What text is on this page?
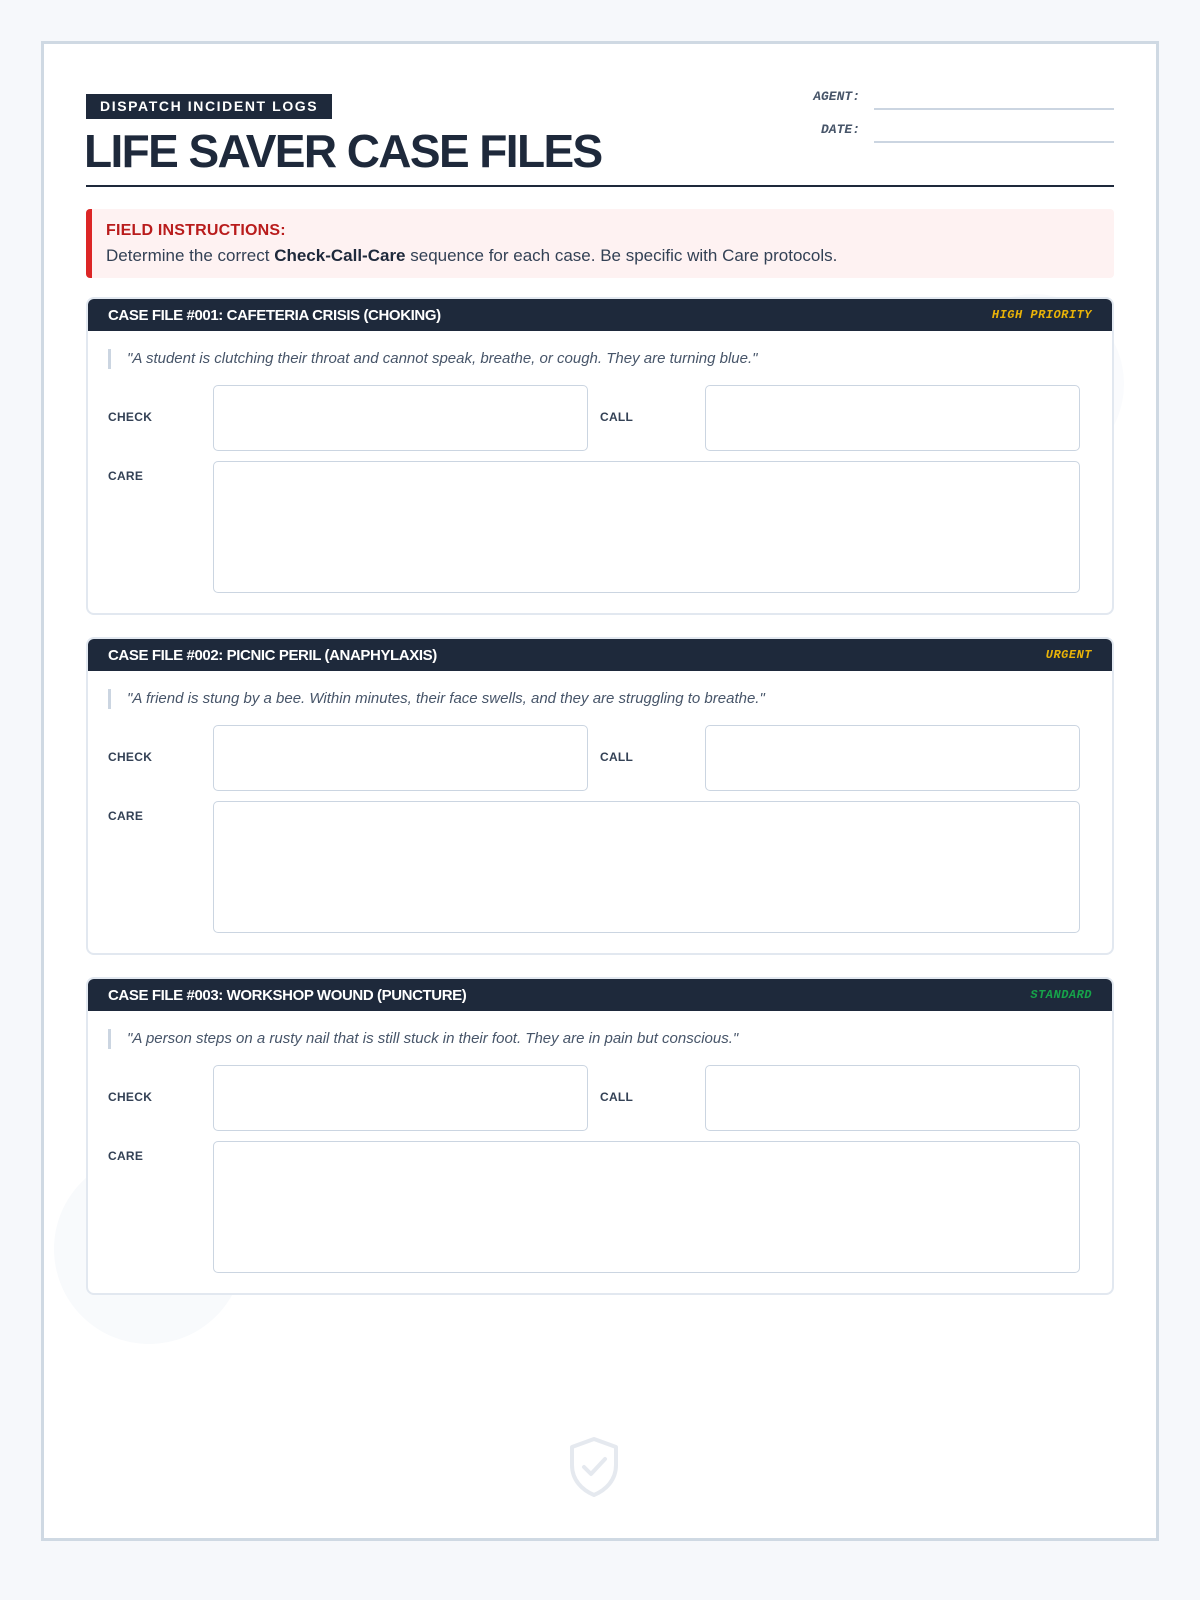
DISPATCH INCIDENT LOGS
LIFE SAVER CASE FILES
AGENT:
DATE:
FIELD INSTRUCTIONS:
Determine the correct Check-Call-Care sequence for each case. Be specific with Care protocols.
CASE FILE #001: CAFETERIA CRISIS (CHOKING)	HIGH PRIORITY
"A student is clutching their throat and cannot speak, breathe, or cough. They are turning blue."
CHECK	CALL
CARE
CASE FILE #002: PICNIC PERIL (ANAPHYLAXIS)	URGENT
"A friend is stung by a bee. Within minutes, their face swells, and they are struggling to breathe."
CHECK	CALL
CARE
CASE FILE #003: WORKSHOP WOUND (PUNCTURE)	STANDARD
"A person steps on a rusty nail that is still stuck in their foot. They are in pain but conscious."
CHECK	CALL
CARE
